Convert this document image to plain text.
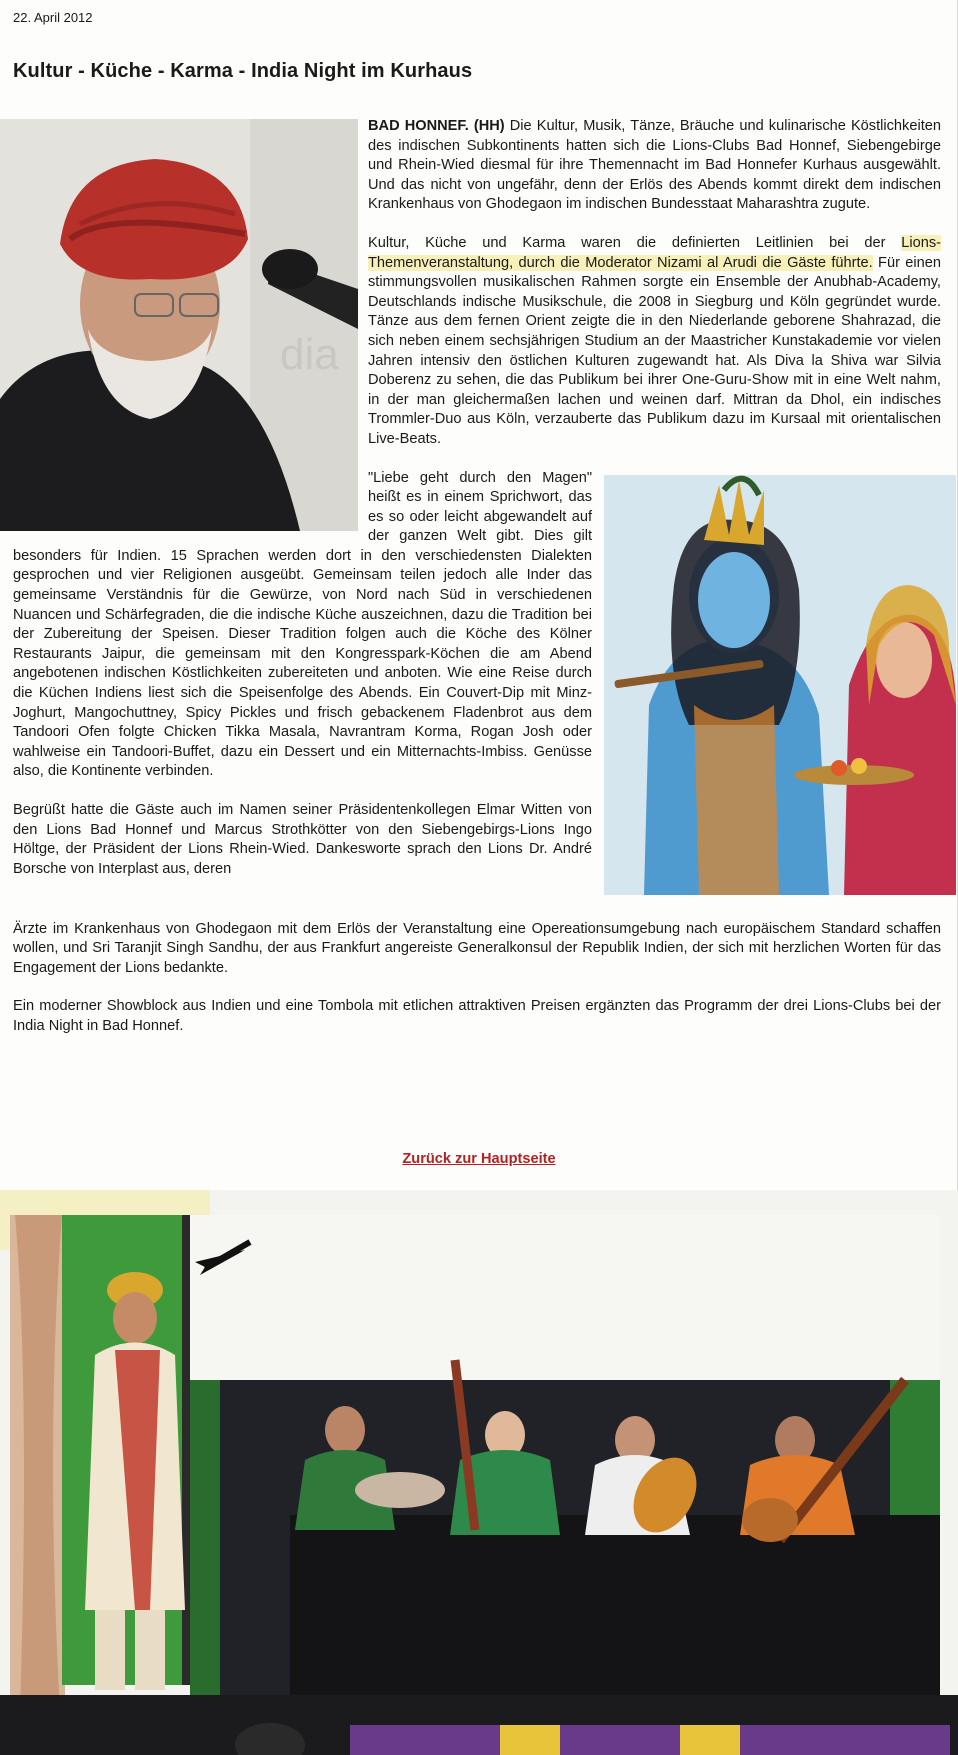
22. April 2012
Kultur - Küche - Karma - India Night im Kurhaus
dia

BAD HONNEF. (HH) Die Kultur, Musik, Tänze, Bräuche und kulinarische Köstlichkeiten des indischen Subkontinents hatten sich die Lions-Clubs Bad Honnef, Siebengebirge und Rhein-Wied diesmal für ihre Themennacht im Bad Honnefer Kurhaus ausgewählt. Und das nicht von ungefähr, denn der Erlös des Abends kommt direkt dem indischen Krankenhaus von Ghodegaon im indischen Bundesstaat Maharashtra zugute.

Kultur, Küche und Karma waren die definierten Leitlinien bei der Lions-Themenveranstaltung, durch die Moderator Nizami al Arudi die Gäste führte. Für einen stimmungsvollen musikalischen Rahmen sorgte ein Ensemble der Anubhab-Academy, Deutschlands indische Musikschule, die 2008 in Siegburg und Köln gegründet wurde. Tänze aus dem fernen Orient zeigte die in den Niederlande geborene Shahrazad, die sich neben einem sechsjährigen Studium an der Maastricher Kunstakademie vor vielen Jahren intensiv den östlichen Kulturen zugewandt hat. Als Diva la Shiva war Silvia Doberenz zu sehen, die das Publikum bei ihrer One-Guru-Show mit in eine Welt nahm, in der man gleichermaßen lachen und weinen darf. Mittran da Dhol, ein indisches Trommler-Duo aus Köln, verzauberte das Publikum dazu im Kursaal mit orientalischen Live-Beats.

"Liebe geht durch den Magen" heißt es in einem Sprichwort, das es so oder leicht abgewandelt auf der ganzen Welt gibt. Dies gilt besonders für Indien. 15 Sprachen werden dort in den verschiedensten Dialekten gesprochen und vier Religionen ausgeübt. Gemeinsam teilen jedoch alle Inder das gemeinsame Verständnis für die Gewürze, von Nord nach Süd in verschiedenen Nuancen und Schärfegraden, die die indische Küche auszeichnen, dazu die Tradition bei der Zubereitung der Speisen. Dieser Tradition folgen auch die Köche des Kölner Restaurants Jaipur, die gemeinsam mit den Kongresspark-Köchen die am Abend angebotenen indischen Köstlichkeiten zubereiteten und anboten. Wie eine Reise durch die Küchen Indiens liest sich die Speisenfolge des Abends. Ein Couvert-Dip mit Minz-Joghurt, Mangochuttney, Spicy Pickles und frisch gebackenem Fladenbrot aus dem Tandoori Ofen folgte Chicken Tikka Masala, Navrantram Korma, Rogan Josh oder wahlweise ein Tandoori-Buffet, dazu ein Dessert und ein Mitternachts-Imbiss. Genüsse also, die Kontinente verbinden.

Begrüßt hatte die Gäste auch im Namen seiner Präsidentenkollegen Elmar Witten von den Lions Bad Honnef und Marcus Strothkötter von den Siebengebirgs-Lions Ingo Höltge, der Präsident der Lions Rhein-Wied. Dankesworte sprach den Lions Dr. André Borsche von Interplast aus, deren

Ärzte im Krankenhaus von Ghodegaon mit dem Erlös der Veranstaltung eine Opereationsumgebung nach europäischem Standard schaffen wollen, und Sri Taranjit Singh Sandhu, der aus Frankfurt angereiste Generalkonsul der Republik Indien, der sich mit herzlichen Worten für das Engagement der Lions bedankte.

Ein moderner Showblock aus Indien und eine Tombola mit etlichen attraktiven Preisen ergänzten das Programm der drei Lions-Clubs bei der India Night in Bad Honnef.

Zurück zur Hauptseite
